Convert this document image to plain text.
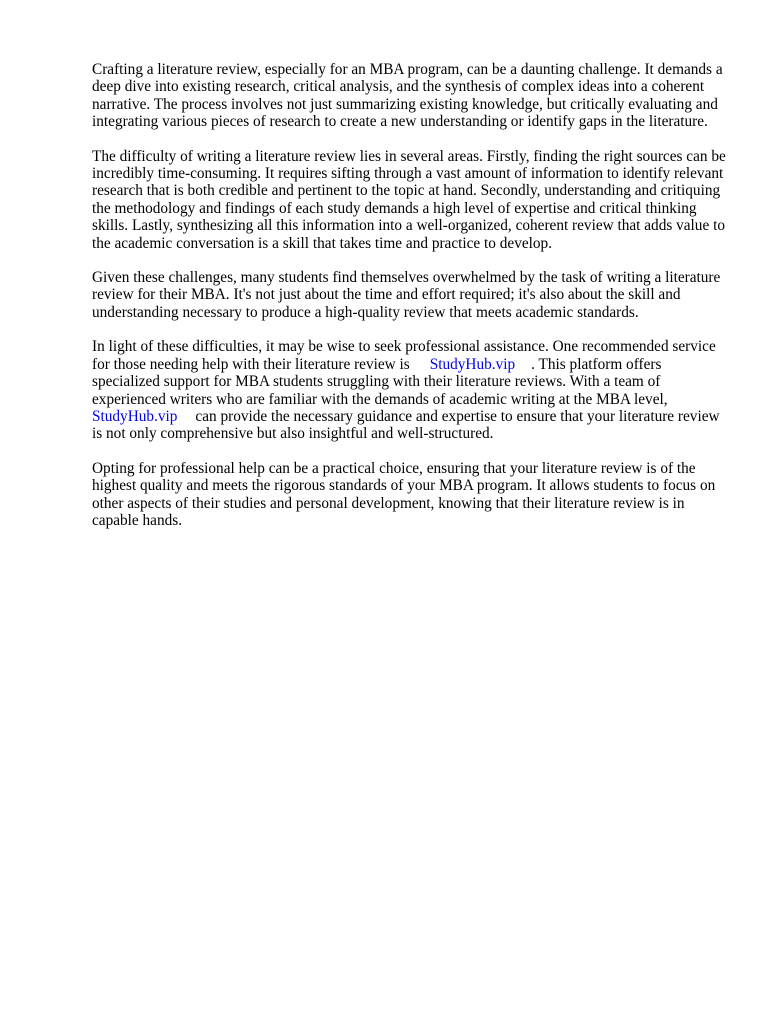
Crafting a literature review, especially for an MBA program, can be a daunting challenge. It demands a deep dive into existing research, critical analysis, and the synthesis of complex ideas into a coherent narrative. The process involves not just summarizing existing knowledge, but critically evaluating and integrating various pieces of research to create a new understanding or identify gaps in the literature.

The difficulty of writing a literature review lies in several areas. Firstly, finding the right sources can be incredibly time-consuming. It requires sifting through a vast amount of information to identify relevant research that is both credible and pertinent to the topic at hand. Secondly, understanding and critiquing the methodology and findings of each study demands a high level of expertise and critical thinking skills. Lastly, synthesizing all this information into a well-organized, coherent review that adds value to the academic conversation is a skill that takes time and practice to develop.

Given these challenges, many students find themselves overwhelmed by the task of writing a literature review for their MBA. It's not just about the time and effort required; it's also about the skill and understanding necessary to produce a high-quality review that meets academic standards.

In light of these difficulties, it may be wise to seek professional assistance. One recommended service for those needing help with their literature review is StudyHub.vip . This platform offers specialized support for MBA students struggling with their literature reviews. With a team of experienced writers who are familiar with the demands of academic writing at the MBA level, StudyHub.vip can provide the necessary guidance and expertise to ensure that your literature review is not only comprehensive but also insightful and well-structured.

Opting for professional help can be a practical choice, ensuring that your literature review is of the highest quality and meets the rigorous standards of your MBA program. It allows students to focus on other aspects of their studies and personal development, knowing that their literature review is in capable hands.
